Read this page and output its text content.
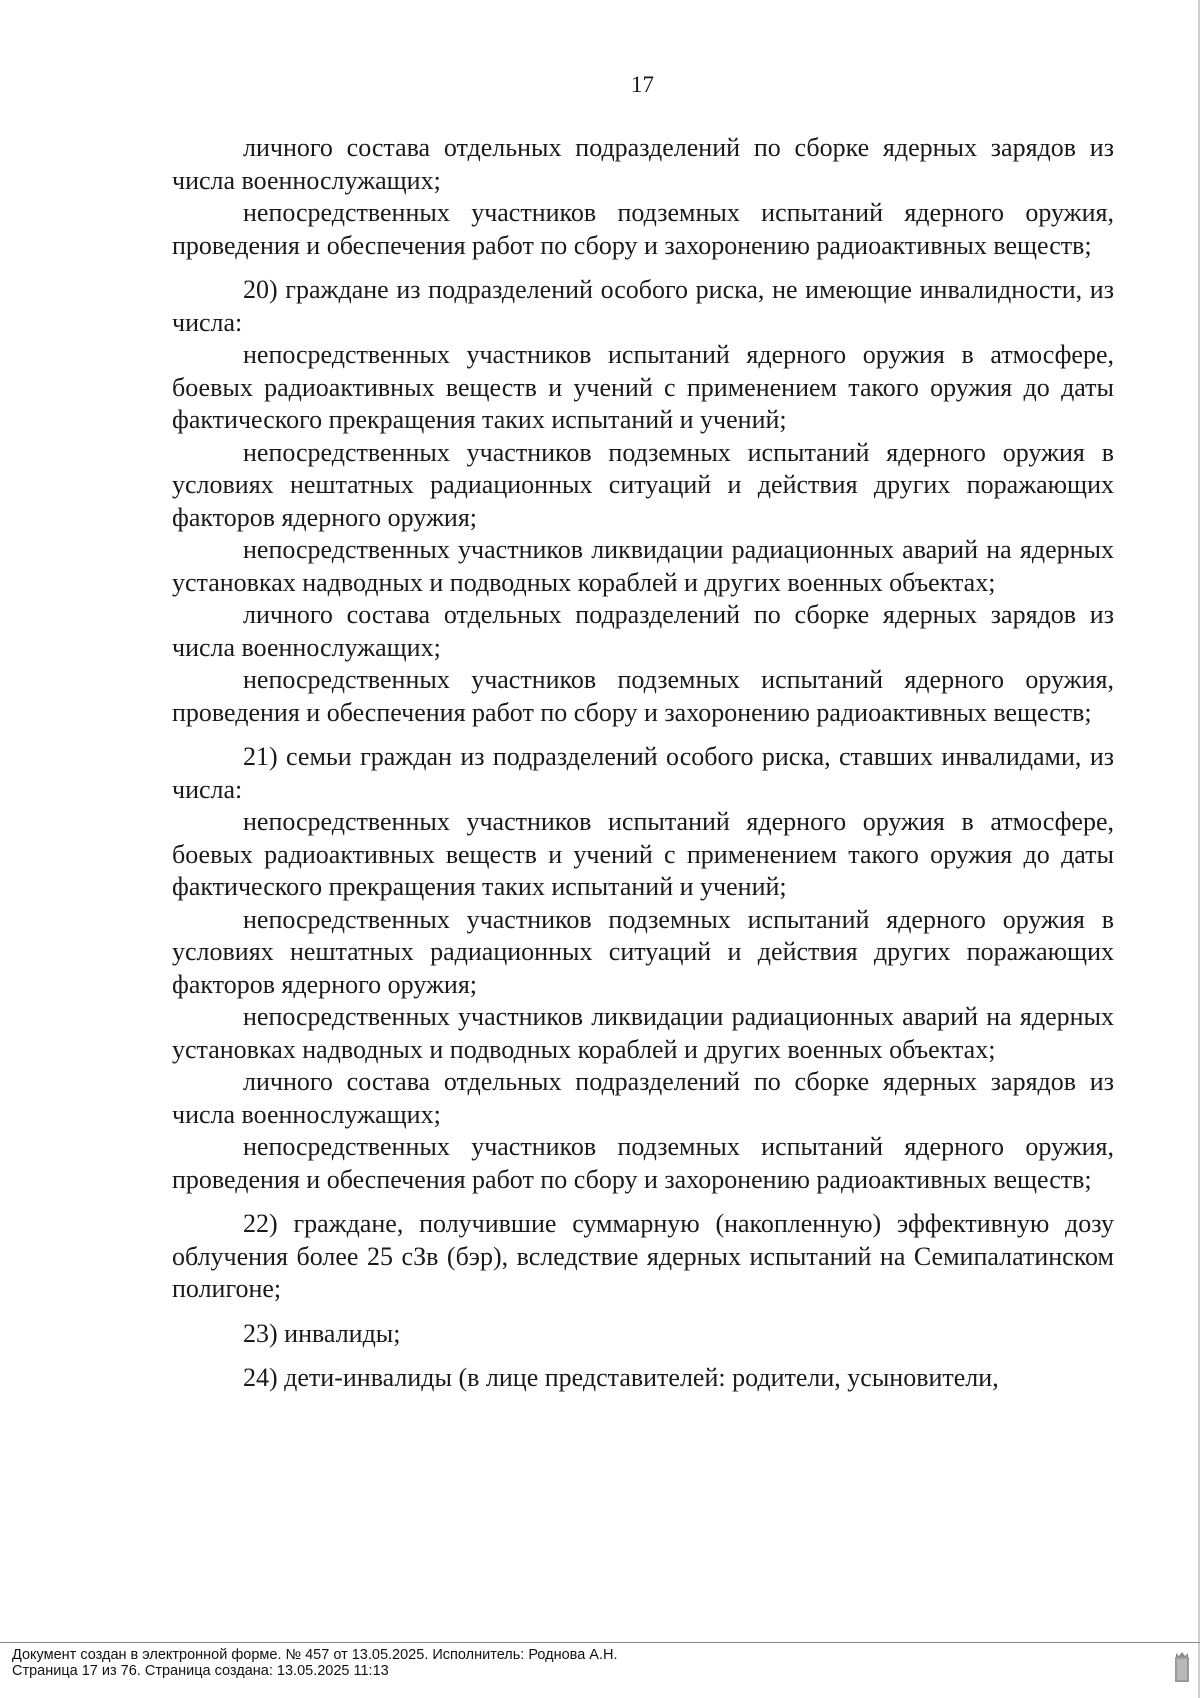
17

личного состава отдельных подразделений по сборке ядерных зарядов из числа военнослужащих;

непосредственных участников подземных испытаний ядерного оружия, проведения и обеспечения работ по сбору и захоронению радиоактивных веществ;

20) граждане из подразделений особого риска, не имеющие инвалидности, из числа:

непосредственных участников испытаний ядерного оружия в атмосфере, боевых радиоактивных веществ и учений с применением такого оружия до даты фактического прекращения таких испытаний и учений;

непосредственных участников подземных испытаний ядерного оружия в условиях нештатных радиационных ситуаций и действия других поражающих факторов ядерного оружия;

непосредственных участников ликвидации радиационных аварий на ядерных установках надводных и подводных кораблей и других военных объектах;

личного состава отдельных подразделений по сборке ядерных зарядов из числа военнослужащих;

непосредственных участников подземных испытаний ядерного оружия, проведения и обеспечения работ по сбору и захоронению радиоактивных веществ;

21) семьи граждан из подразделений особого риска, ставших инвалидами, из числа:

непосредственных участников испытаний ядерного оружия в атмосфере, боевых радиоактивных веществ и учений с применением такого оружия до даты фактического прекращения таких испытаний и учений;

непосредственных участников подземных испытаний ядерного оружия в условиях нештатных радиационных ситуаций и действия других поражающих факторов ядерного оружия;

непосредственных участников ликвидации радиационных аварий на ядерных установках надводных и подводных кораблей и других военных объектах;

личного состава отдельных подразделений по сборке ядерных зарядов из числа военнослужащих;

непосредственных участников подземных испытаний ядерного оружия, проведения и обеспечения работ по сбору и захоронению радиоактивных веществ;

22) граждане, получившие суммарную (накопленную) эффективную дозу облучения более 25 сЗв (бэр), вследствие ядерных испытаний на Семипалатинском полигоне;

23) инвалиды;

24) дети-инвалиды (в лице представителей: родители, усыновители,

Документ создан в электронной форме. № 457 от 13.05.2025. Исполнитель: Роднова А.Н.
Страница 17 из 76. Страница создана: 13.05.2025 11:13
